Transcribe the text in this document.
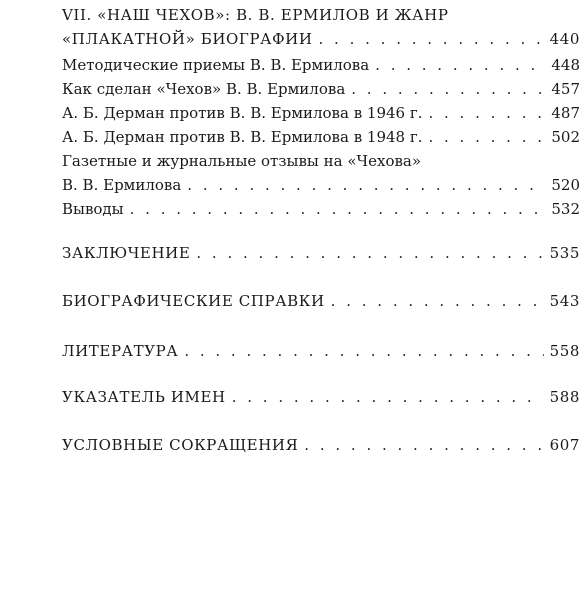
VII. «НАШ ЧЕХОВ»: В. В. ЕРМИЛОВ И ЖАНР
«ПЛАКАТНОЙ» БИОГРАФИИ . . .	440
Методические приемы В. В. Ермилова . . .	448
Как сделан «Чехов» В. В. Ермилова . . .	457
А. Б. Дерман против В. В. Ермилова в 1946 г. . . .	487
А. Б. Дерман против В. В. Ермилова в 1948 г. . . .	502
Газетные и журнальные отзывы на «Чехова»
В. В. Ермилова . . .	520
Выводы . . .	532
ЗАКЛЮЧЕНИЕ . . .	535
БИОГРАФИЧЕСКИЕ СПРАВКИ . . .	543
ЛИТЕРАТУРА . . .	558
УКАЗАТЕЛЬ ИМЕН . . .	588
УСЛОВНЫЕ СОКРАЩЕНИЯ . . .	607
